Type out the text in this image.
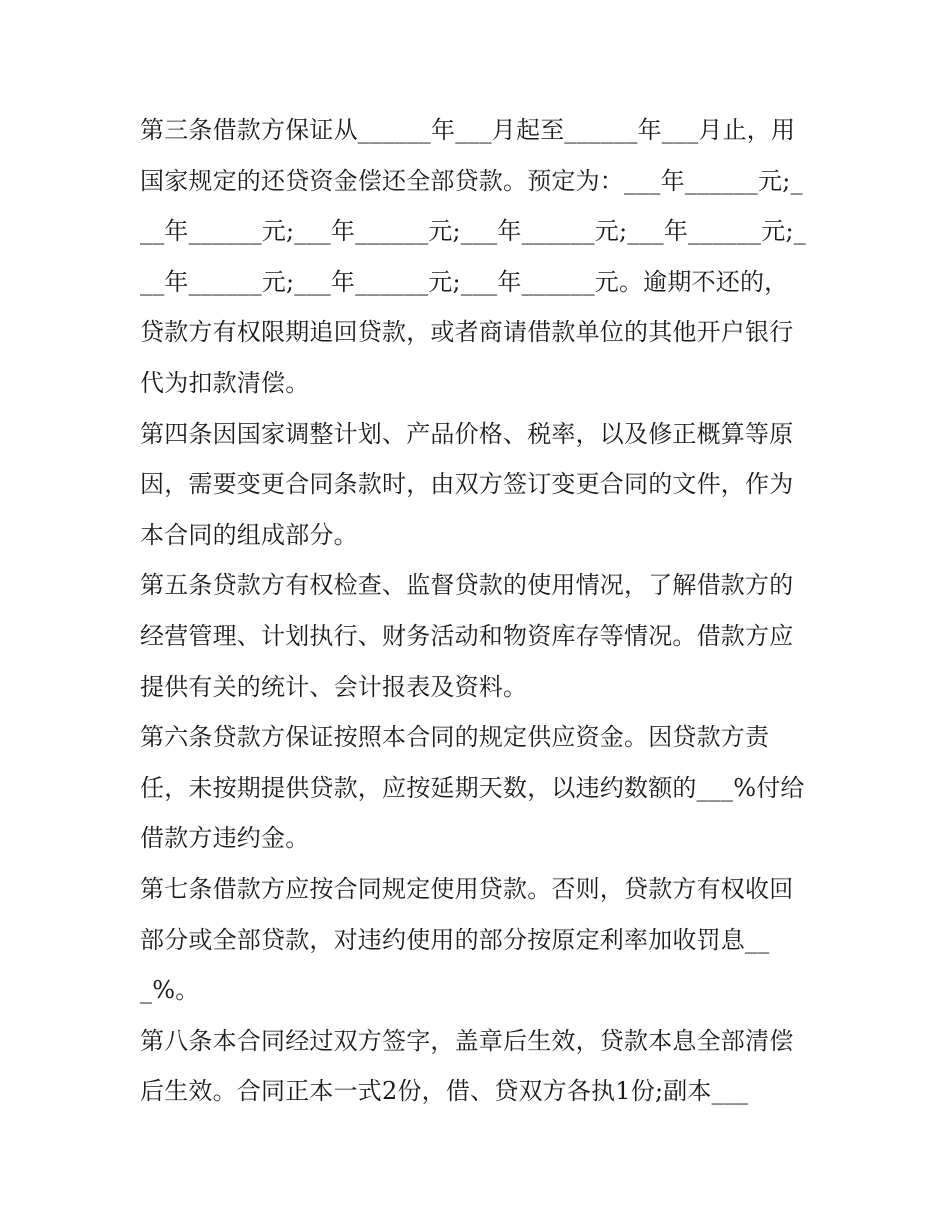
第三条借款方保证从______年___月起至______年___月止，用国家规定的还贷资金偿还全部贷款。预定为：___年______元;___年______元;___年______元;___年______元;___年______元;___年______元;___年______元;___年______元。逾期不还的，贷款方有权限期追回贷款，或者商请借款单位的其他开户银行代为扣款清偿。

第四条因国家调整计划、产品价格、税率，以及修正概算等原因，需要变更合同条款时，由双方签订变更合同的文件，作为本合同的组成部分。

第五条贷款方有权检查、监督贷款的使用情况，了解借款方的经营管理、计划执行、财务活动和物资库存等情况。借款方应提供有关的统计、会计报表及资料。

第六条贷款方保证按照本合同的规定供应资金。因贷款方责任，未按期提供贷款，应按延期天数，以违约数额的___%付给借款方违约金。

第七条借款方应按合同规定使用贷款。否则，贷款方有权收回部分或全部贷款，对违约使用的部分按原定利率加收罚息___%。

第八条本合同经过双方签字，盖章后生效，贷款本息全部清偿后生效。合同正本一式2份，借、贷双方各执1份;副本___
